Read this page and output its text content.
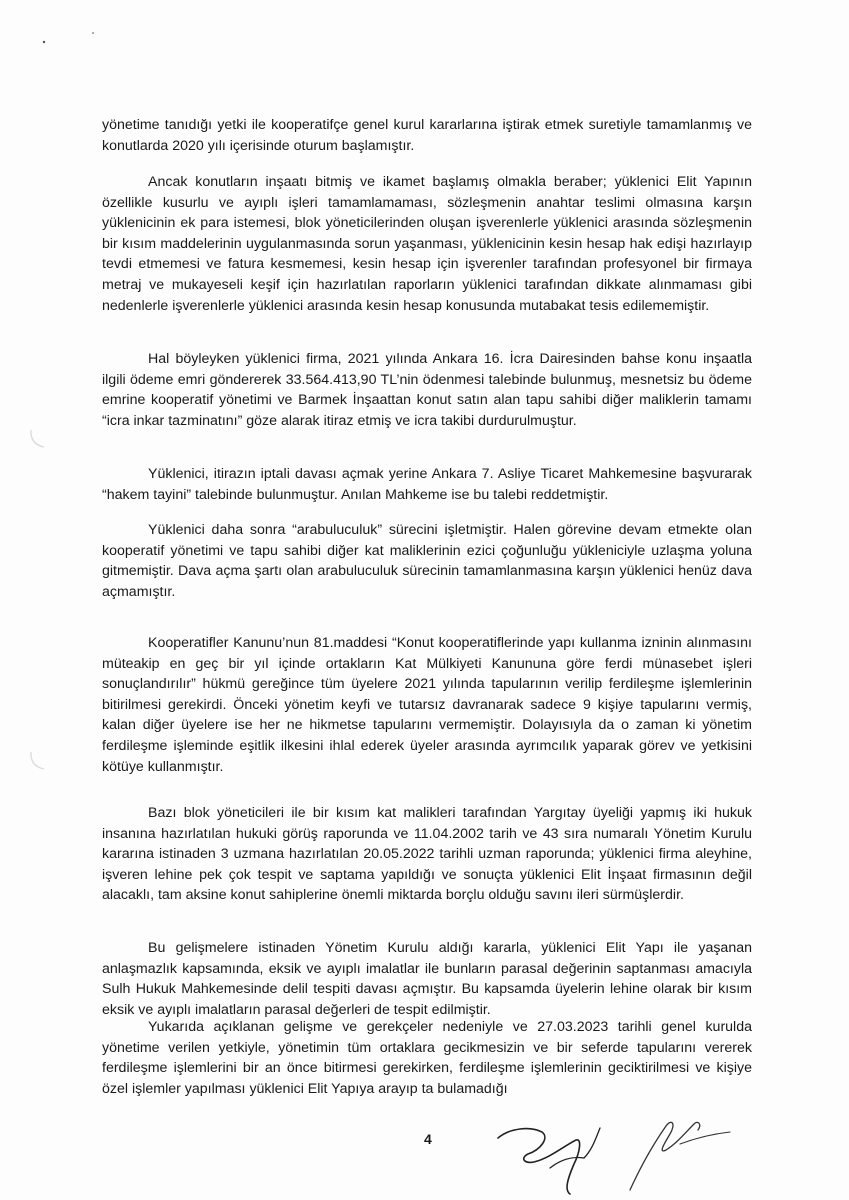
yönetime tanıdığı yetki ile kooperatifçe genel kurul kararlarına iştirak etmek suretiyle tamamlanmış ve konutlarda 2020 yılı içerisinde oturum başlamıştır.

Ancak konutların inşaatı bitmiş ve ikamet başlamış olmakla beraber; yüklenici Elit Yapının özellikle kusurlu ve ayıplı işleri tamamlamaması, sözleşmenin anahtar teslimi olmasına karşın yüklenicinin ek para istemesi, blok yöneticilerinden oluşan işverenlerle yüklenici arasında sözleşmenin bir kısım maddelerinin uygulanmasında sorun yaşanması, yüklenicinin kesin hesap hak edişi hazırlayıp tevdi etmemesi ve fatura kesmemesi, kesin hesap için işverenler tarafından profesyonel bir firmaya metraj ve mukayeseli keşif için hazırlatılan raporların yüklenici tarafından dikkate alınmaması gibi nedenlerle işverenlerle yüklenici arasında kesin hesap konusunda mutabakat tesis edilememiştir.

Hal böyleyken yüklenici firma, 2021 yılında Ankara 16. İcra Dairesinden bahse konu inşaatla ilgili ödeme emri göndererek 33.564.413,90 TL’nin ödenmesi talebinde bulunmuş, mesnetsiz bu ödeme emrine kooperatif yönetimi ve Barmek İnşaattan konut satın alan tapu sahibi diğer maliklerin tamamı “icra inkar tazminatını” göze alarak itiraz etmiş ve icra takibi durdurulmuştur.

Yüklenici, itirazın iptali davası açmak yerine Ankara 7. Asliye Ticaret Mahkemesine başvurarak “hakem tayini” talebinde bulunmuştur. Anılan Mahkeme ise bu talebi reddetmiştir.

Yüklenici daha sonra “arabuluculuk” sürecini işletmiştir. Halen görevine devam etmekte olan kooperatif yönetimi ve tapu sahibi diğer kat maliklerinin ezici çoğunluğu yükleniciyle uzlaşma yoluna gitmemiştir. Dava açma şartı olan arabuluculuk sürecinin tamamlanmasına karşın yüklenici henüz dava açmamıştır.

Kooperatifler Kanunu’nun 81.maddesi “Konut kooperatiflerinde yapı kullanma izninin alınmasını müteakip en geç bir yıl içinde ortakların Kat Mülkiyeti Kanununa göre ferdi münasebet işleri sonuçlandırılır” hükmü gereğince tüm üyelere 2021 yılında tapularının verilip ferdileşme işlemlerinin bitirilmesi gerekirdi. Önceki yönetim keyfi ve tutarsız davranarak sadece 9 kişiye tapularını vermiş, kalan diğer üyelere ise her ne hikmetse tapularını vermemiştir. Dolayısıyla da o zaman ki yönetim ferdileşme işleminde eşitlik ilkesini ihlal ederek üyeler arasında ayrımcılık yaparak görev ve yetkisini kötüye kullanmıştır.

Bazı blok yöneticileri ile bir kısım kat malikleri tarafından Yargıtay üyeliği yapmış iki hukuk insanına hazırlatılan hukuki görüş raporunda ve 11.04.2002 tarih ve 43 sıra numaralı Yönetim Kurulu kararına istinaden 3 uzmana hazırlatılan 20.05.2022 tarihli uzman raporunda; yüklenici firma aleyhine, işveren lehine pek çok tespit ve saptama yapıldığı ve sonuçta yüklenici Elit İnşaat firmasının değil alacaklı, tam aksine konut sahiplerine önemli miktarda borçlu olduğu savını ileri sürmüşlerdir.

Bu gelişmelere istinaden Yönetim Kurulu aldığı kararla, yüklenici Elit Yapı ile yaşanan anlaşmazlık kapsamında, eksik ve ayıplı imalatlar ile bunların parasal değerinin saptanması amacıyla Sulh Hukuk Mahkemesinde delil tespiti davası açmıştır. Bu kapsamda üyelerin lehine olarak bir kısım eksik ve ayıplı imalatların parasal değerleri de tespit edilmiştir.

Yukarıda açıklanan gelişme ve gerekçeler nedeniyle ve 27.03.2023 tarihli genel kurulda yönetime verilen yetkiyle, yönetimin tüm ortaklara gecikmesizin ve bir seferde tapularını vererek ferdileşme işlemlerini bir an önce bitirmesi gerekirken, ferdileşme işlemlerinin geciktirilmesi ve kişiye özel işlemler yapılması yüklenici Elit Yapıya arayıp ta bulamadığı

4
